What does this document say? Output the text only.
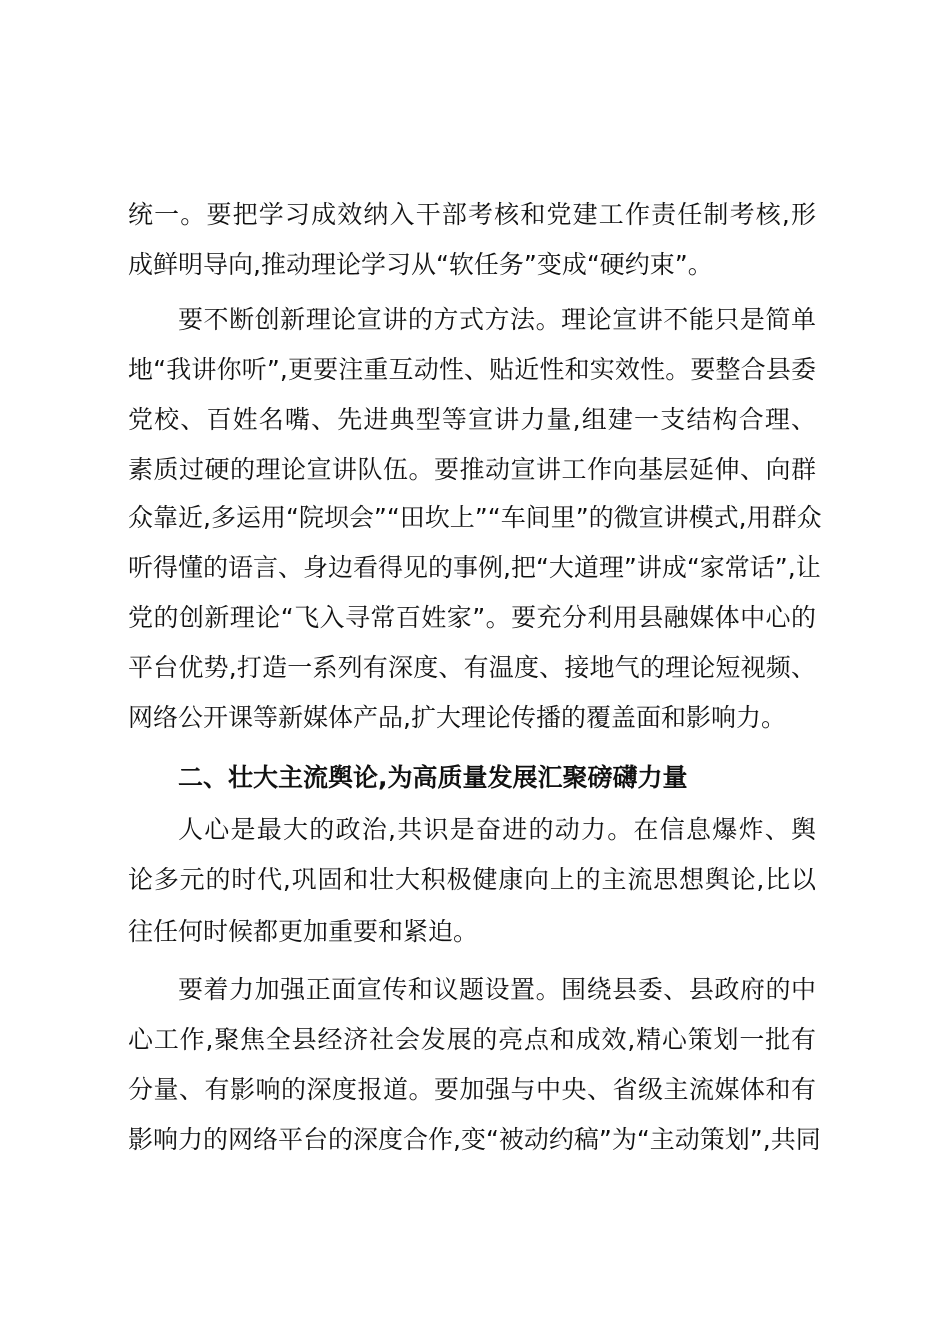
统一。要把学习成效纳入干部考核和党建工作责任制考核,形
成鲜明导向,推动理论学习从“软任务”变成“硬约束”。
要不断创新理论宣讲的方式方法。理论宣讲不能只是简单
地“我讲你听”,更要注重互动性、贴近性和实效性。要整合县委
党校、百姓名嘴、先进典型等宣讲力量,组建一支结构合理、
素质过硬的理论宣讲队伍。要推动宣讲工作向基层延伸、向群
众靠近,多运用“院坝会”“田坎上”“车间里”的微宣讲模式,用群众
听得懂的语言、身边看得见的事例,把“大道理”讲成“家常话”,让
党的创新理论“飞入寻常百姓家”。要充分利用县融媒体中心的
平台优势,打造一系列有深度、有温度、接地气的理论短视频、
网络公开课等新媒体产品,扩大理论传播的覆盖面和影响力。
二、壮大主流舆论,为高质量发展汇聚磅礴力量
人心是最大的政治,共识是奋进的动力。在信息爆炸、舆
论多元的时代,巩固和壮大积极健康向上的主流思想舆论,比以
往任何时候都更加重要和紧迫。
要着力加强正面宣传和议题设置。围绕县委、县政府的中
心工作,聚焦全县经济社会发展的亮点和成效,精心策划一批有
分量、有影响的深度报道。要加强与中央、省级主流媒体和有
影响力的网络平台的深度合作,变“被动约稿”为“主动策划”,共同
